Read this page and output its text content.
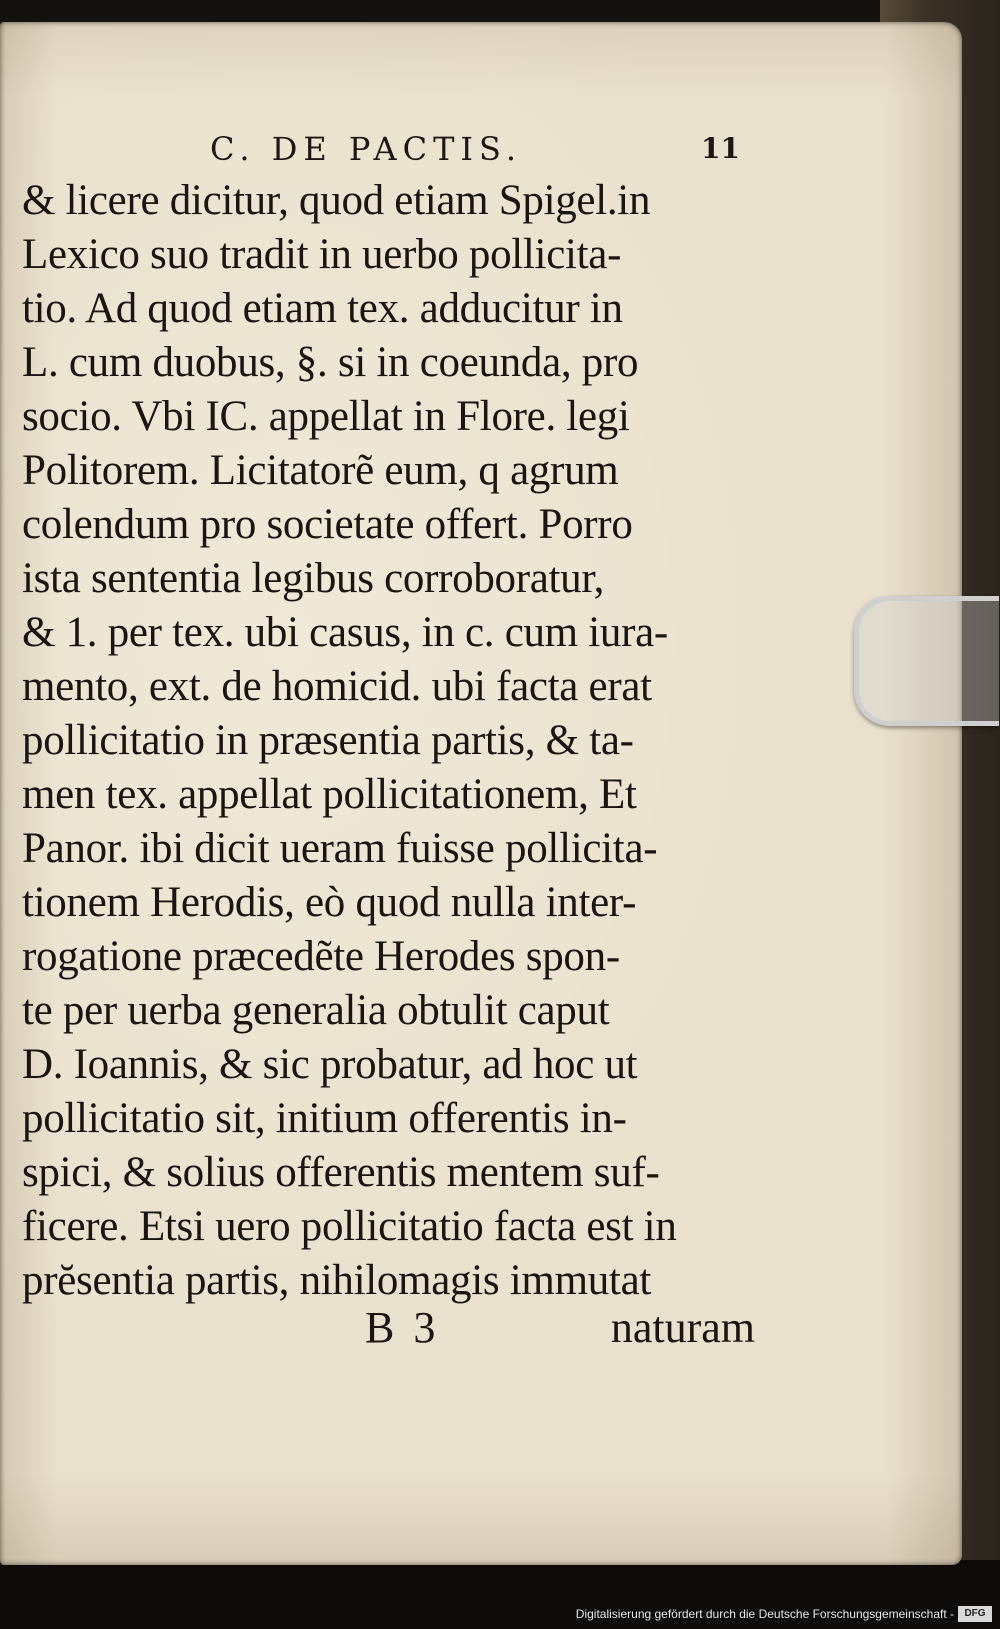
C. DE PACTIS.	11
& licere dicitur, quod etiam Spigel.in
Lexico suo tradit in uerbo pollicita-
tio. Ad quod etiam tex. adducitur in
L. cum duobus, §. si in coeunda, pro
socio. Vbi IC. appellat in Flore. legi
Politorem. Licitatorẽ eum, q agrum
colendum pro societate offert. Porro
ista sententia legibus corroboratur,
& 1. per tex. ubi casus, in c. cum iura-
mento, ext. de homicid. ubi facta erat
pollicitatio in præsentia partis, & ta-
men tex. appellat pollicitationem, Et
Panor. ibi dicit ueram fuisse pollicita-
tionem Herodis, eò quod nulla inter-
rogatione præcedẽte Herodes spon-
te per uerba generalia obtulit caput
D. Ioannis, & sic probatur, ad hoc ut
pollicitatio sit, initium offerentis in-
spici, & solius offerentis mentem suf-
ficere. Etsi uero pollicitatio facta est in
prĕsentia partis, nihilomagis immutat
B 3	naturam
Digitalisierung gefördert durch die Deutsche Forschungsgemeinschaft -	DFG
